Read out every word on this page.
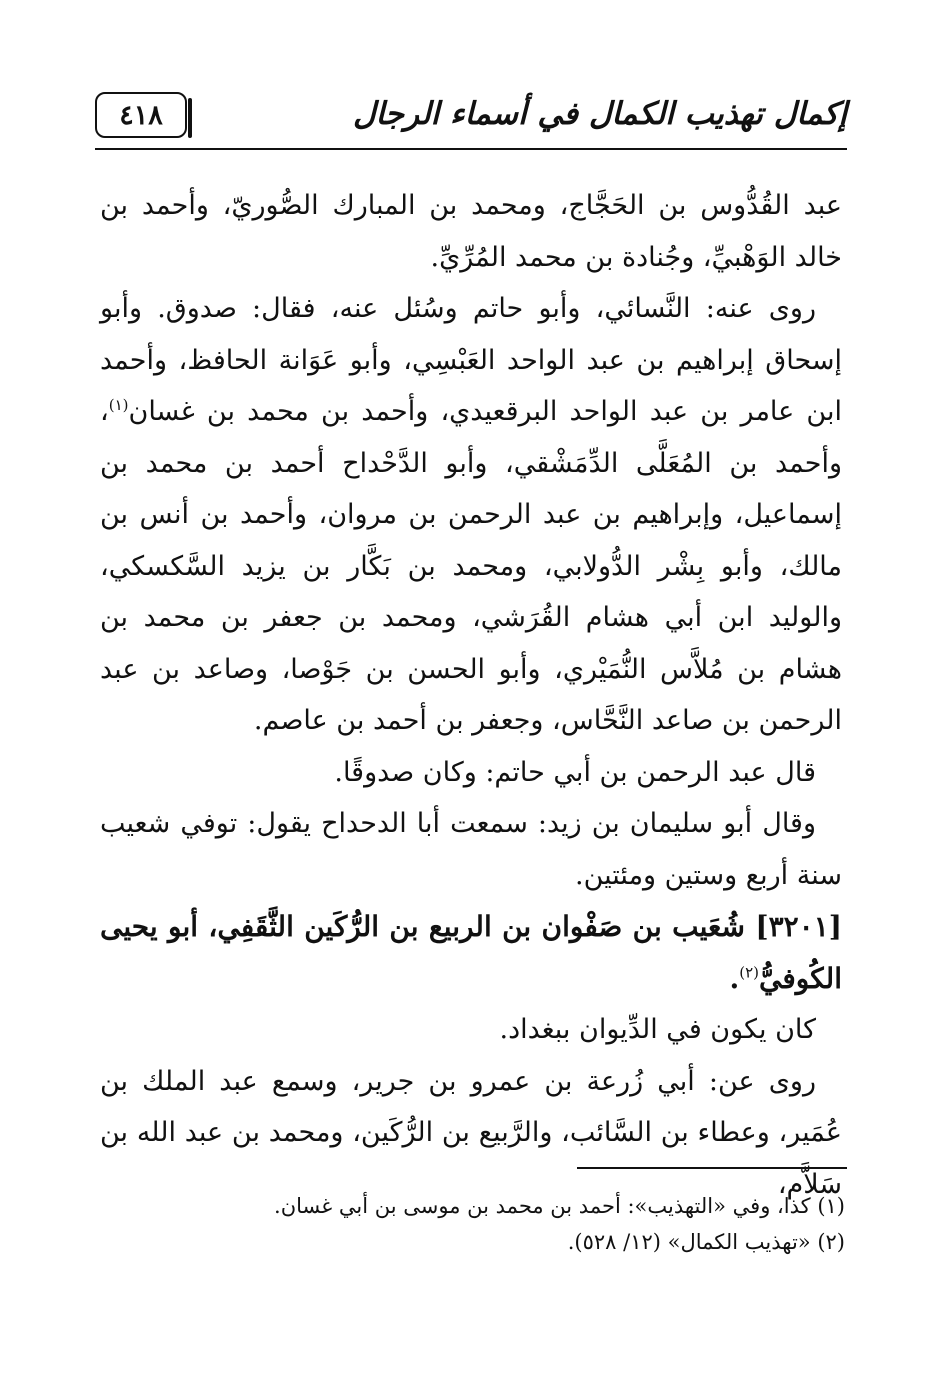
٤١٨	إكمال تهذيب الكمال في أسماء الرجال

عبد القُدُّوس بن الحَجَّاج، ومحمد بن المبارك الصُّوريّ، وأحمد بن خالد الوَهْبيِّ، وجُنادة بن محمد المُرِّيِّ.

روى عنه: النَّسائي، وأبو حاتم وسُئل عنه، فقال: صدوق. وأبو إسحاق إبراهيم بن عبد الواحد العَبْسِي، وأبو عَوَانة الحافظ، وأحمد ابن عامر بن عبد الواحد البرقعيدي، وأحمد بن محمد بن غسان$^{(١)}$، وأحمد بن المُعَلَّى الدِّمَشْقي، وأبو الدَّحْداح أحمد بن محمد بن إسماعيل، وإبراهيم بن عبد الرحمن بن مروان، وأحمد بن أنس بن مالك، وأبو بِشْر الدُّولابي، ومحمد بن بَكَّار بن يزيد السَّكسكي، والوليد ابن أبي هشام القُرَشي، ومحمد بن جعفر بن محمد بن هشام بن مُلاَّس النُّمَيْري، وأبو الحسن بن جَوْصا، وصاعد بن عبد الرحمن بن صاعد النَّحَّاس، وجعفر بن أحمد بن عاصم.

قال عبد الرحمن بن أبي حاتم: وكان صدوقًا.

وقال أبو سليمان بن زيد: سمعت أبا الدحداح يقول: توفي شعيب سنة أربع وستين ومئتين.

[٣٢٠١] شُعَيب بن صَفْوان بن الربيع بن الرُّكَين الثَّقَفِي، أبو يحيى الكُوفيُّ$^{(٢)}$.

كان يكون في الدِّيوان ببغداد.

روى عن: أبي زُرعة بن عمرو بن جرير، وسمع عبد الملك بن عُمَير، وعطاء بن السَّائب، والرَّبيع بن الرُّكَين، ومحمد بن عبد الله بن سَلاَّم،

(١) كذا، وفي «التهذيب»: أحمد بن محمد بن موسى بن أبي غسان.

(٢) «تهذيب الكمال» (١٢/ ٥٢٨).
